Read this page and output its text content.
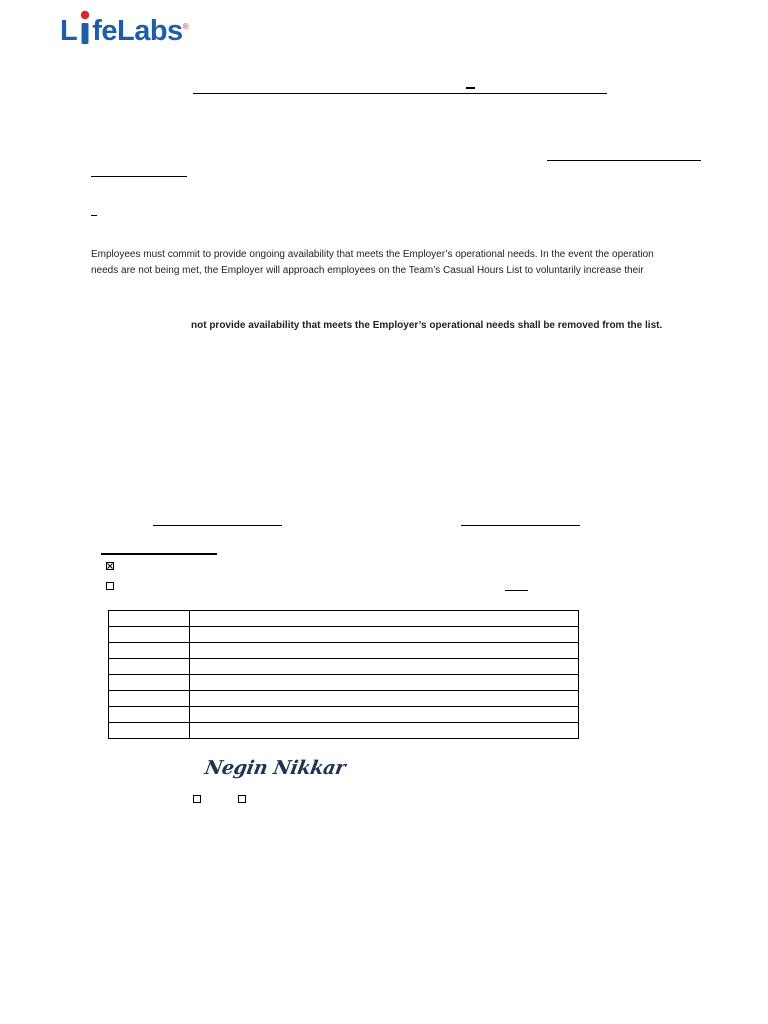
L feLabs®
Employees must commit to provide ongoing availability that meets the Employer’s operational needs. In the event the operation
needs are not being met, the Employer will approach employees on the Team’s Casual Hours List to voluntarily increase their
not provide availability that meets the Employer’s operational needs shall be removed from the list.

Negin Nikkar
